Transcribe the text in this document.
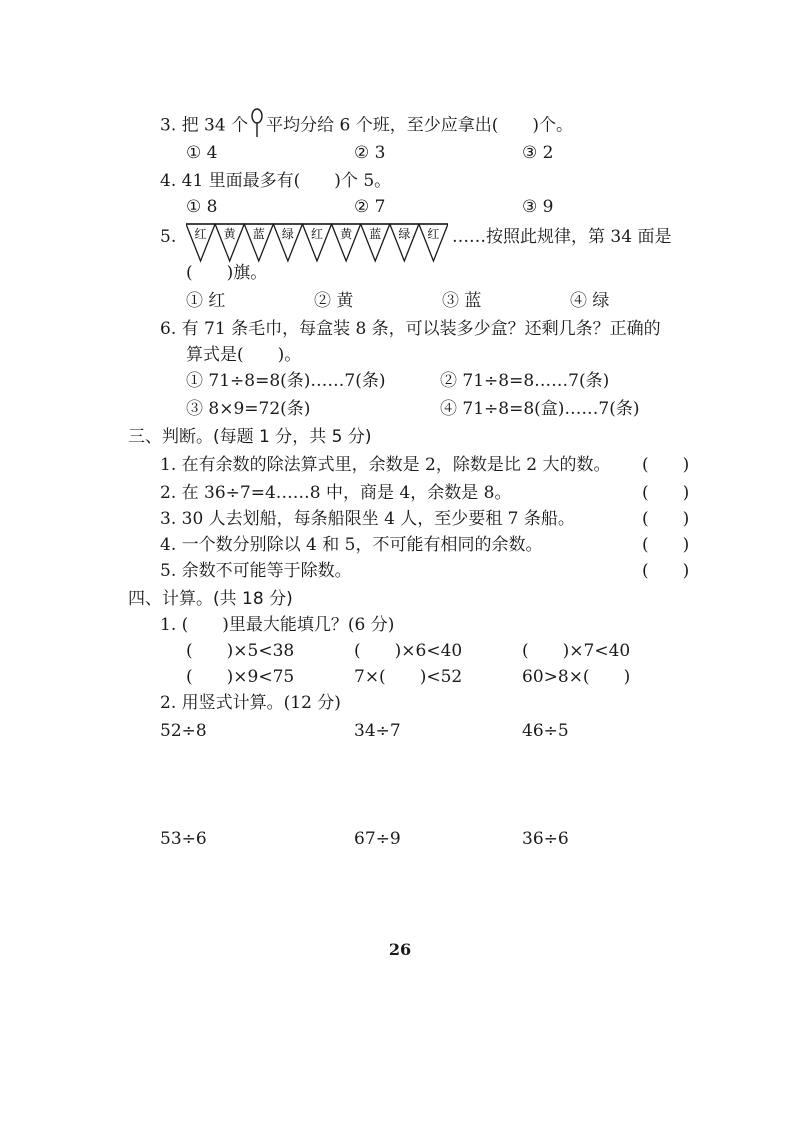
3. 把 34 个 平均分给 6 个班，至少应拿出(　　)个。
① 4	② 3	③ 2
4. 41 里面最多有(　　)个 5。
① 8	② 7	③ 9
5. 红 黄 蓝 绿 红 黄 蓝 绿 红 ……按照此规律，第 34 面是
(　　)旗。
① 红	② 黄	③ 蓝	④ 绿
6. 有 71 条毛巾，每盒装 8 条，可以装多少盒？还剩几条？正确的
算式是(　　)。
① 71÷8=8(条)……7(条)	② 71÷8=8……7(条)
③ 8×9=72(条)	④ 71÷8=8(盒)……7(条)
三、判断。(每题 1 分，共 5 分)
1. 在有余数的除法算式里，余数是 2，除数是比 2 大的数。 (　　)
2. 在 36÷7=4……8 中，商是 4，余数是 8。	(　　)
3. 30 人去划船，每条船限坐 4 人，至少要租 7 条船。	(　　)
4. 一个数分别除以 4 和 5，不可能有相同的余数。	(　　)
5. 余数不可能等于除数。	(　　)
四、计算。(共 18 分)
1. (　　)里最大能填几？(6 分)
(　　)×5<38	(　　)×6<40	(　　)×7<40
(　　)×9<75	7×(　　)<52	60>8×(　　)
2. 用竖式计算。(12 分)
52÷8	34÷7	46÷5
53÷6	67÷9	36÷6
26
